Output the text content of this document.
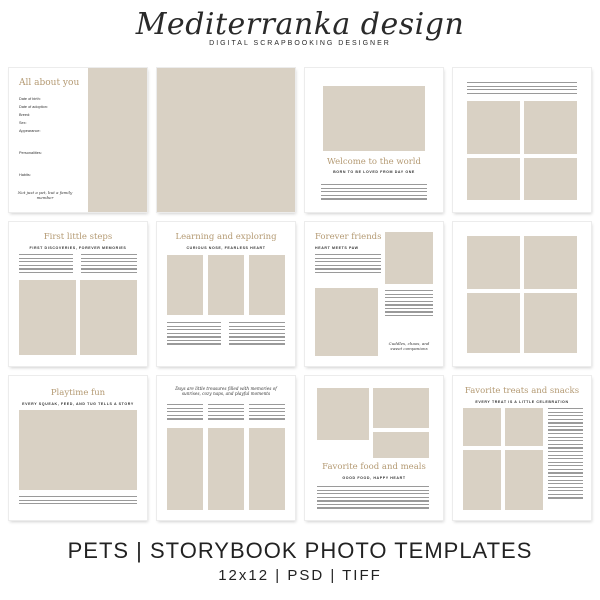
Mediterranka design
DIGITAL SCRAPBOOKING DESIGNER
All about you
Date of birth:
Date of adoption:
Breed:
Sex:
Appearance:
Personalities:
Habits:
Not just a pet, but a family member
Welcome to the world
BORN TO BE LOVED FROM DAY ONE
First little steps
FIRST DISCOVERIES, FOREVER MEMORIES
Learning and exploring
CURIOUS NOSE, FEARLESS HEART
Forever friends
HEART MEETS PAW
Cuddles, chaos, and sweet companions
Playtime fun
EVERY SQUEAK, FEED, AND TUG TELLS A STORY
Days are little treasures filled with memories of sunrises, cozy naps, and playful moments
Favorite food and meals
GOOD FOOD, HAPPY HEART
Favorite treats and snacks
EVERY TREAT IS A LITTLE CELEBRATION
PETS | STORYBOOK PHOTO TEMPLATES
12x12 | PSD | TIFF
